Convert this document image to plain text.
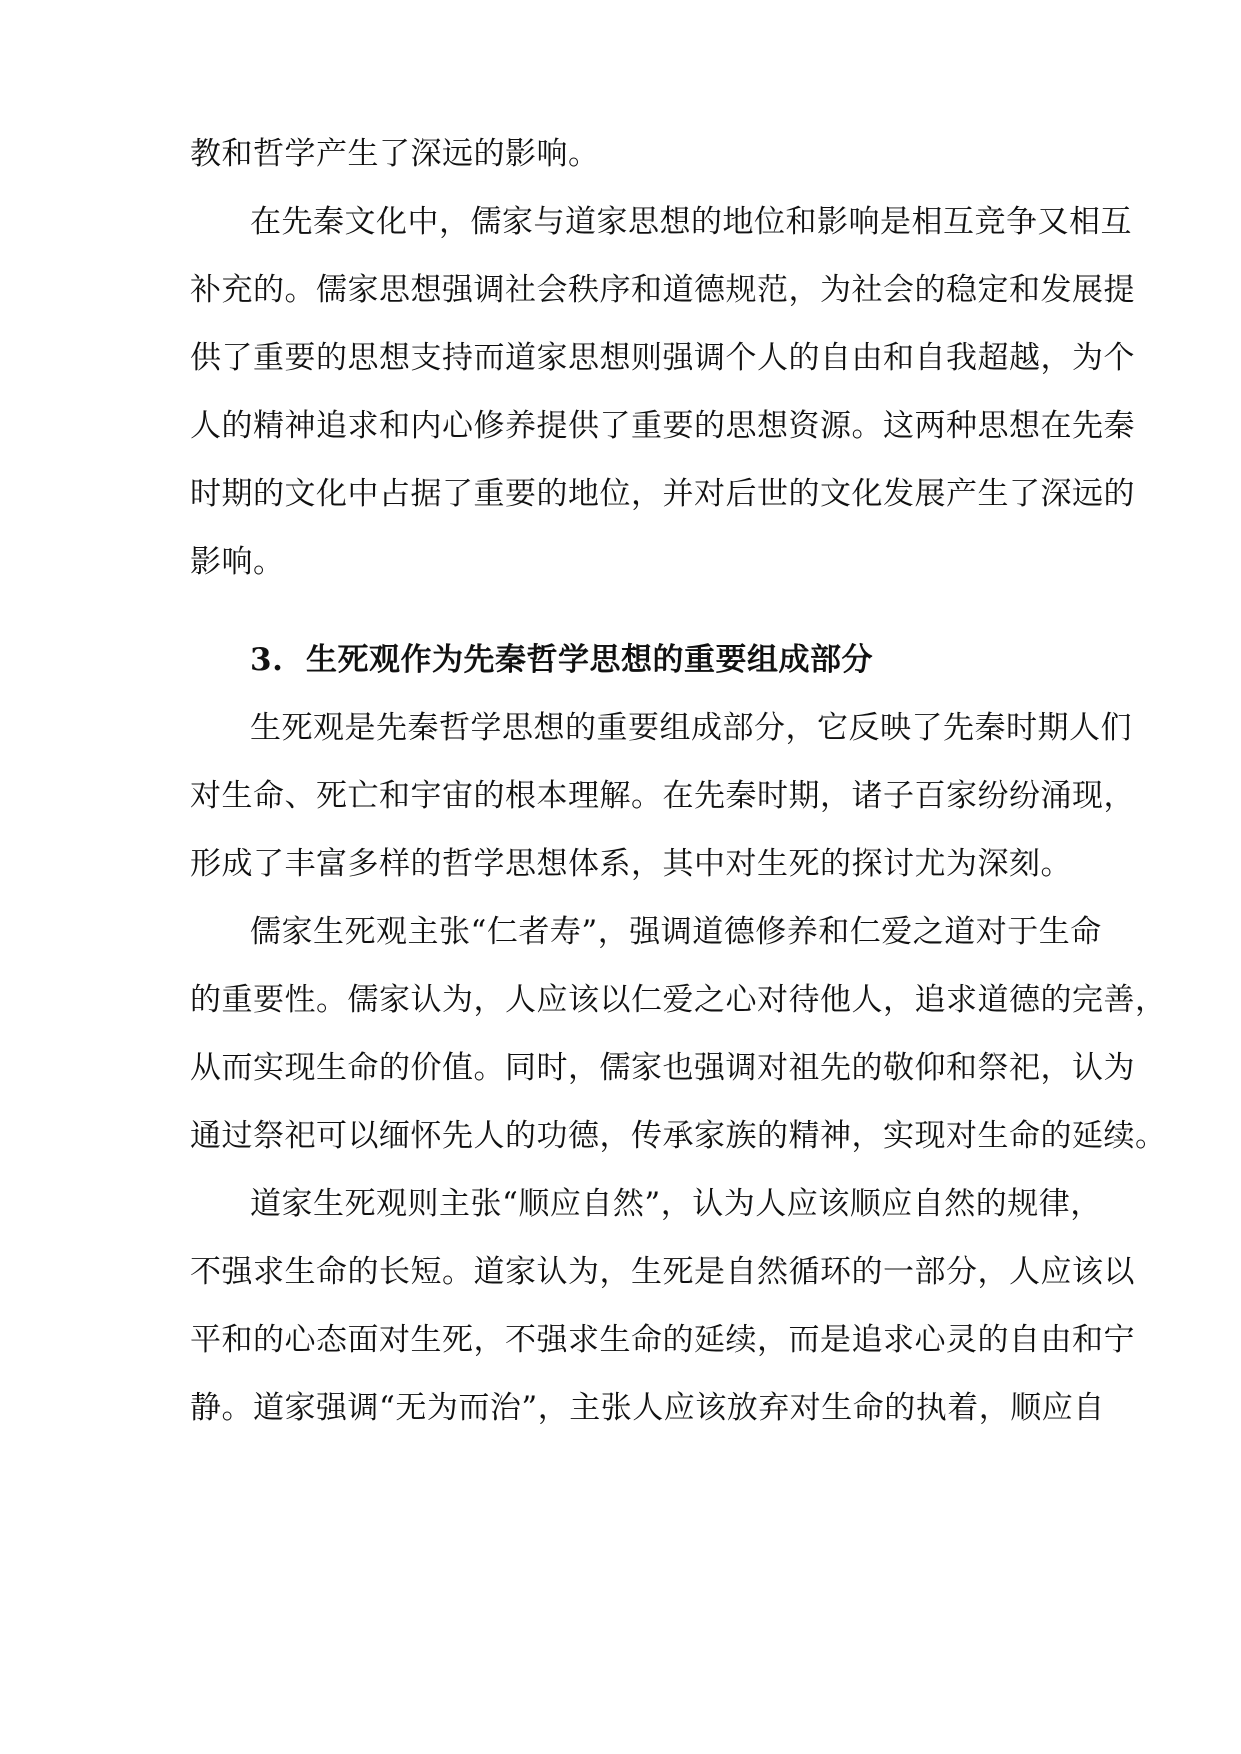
教和哲学产生了深远的影响。
在先秦文化中，儒家与道家思想的地位和影响是相互竞争又相互
补充的。儒家思想强调社会秩序和道德规范，为社会的稳定和发展提
供了重要的思想支持而道家思想则强调个人的自由和自我超越，为个
人的精神追求和内心修养提供了重要的思想资源。这两种思想在先秦
时期的文化中占据了重要的地位，并对后世的文化发展产生了深远的
影响。
3.  生死观作为先秦哲学思想的重要组成部分
生死观是先秦哲学思想的重要组成部分，它反映了先秦时期人们
对生命、死亡和宇宙的根本理解。在先秦时期，诸子百家纷纷涌现，
形成了丰富多样的哲学思想体系，其中对生死的探讨尤为深刻。
儒家生死观主张“仁者寿”，强调道德修养和仁爱之道对于生命
的重要性。儒家认为，人应该以仁爱之心对待他人，追求道德的完善，
从而实现生命的价值。同时，儒家也强调对祖先的敬仰和祭祀，认为
通过祭祀可以缅怀先人的功德，传承家族的精神，实现对生命的延续。
道家生死观则主张“顺应自然”，认为人应该顺应自然的规律，
不强求生命的长短。道家认为，生死是自然循环的一部分，人应该以
平和的心态面对生死，不强求生命的延续，而是追求心灵的自由和宁
静。道家强调“无为而治”，主张人应该放弃对生命的执着，顺应自
